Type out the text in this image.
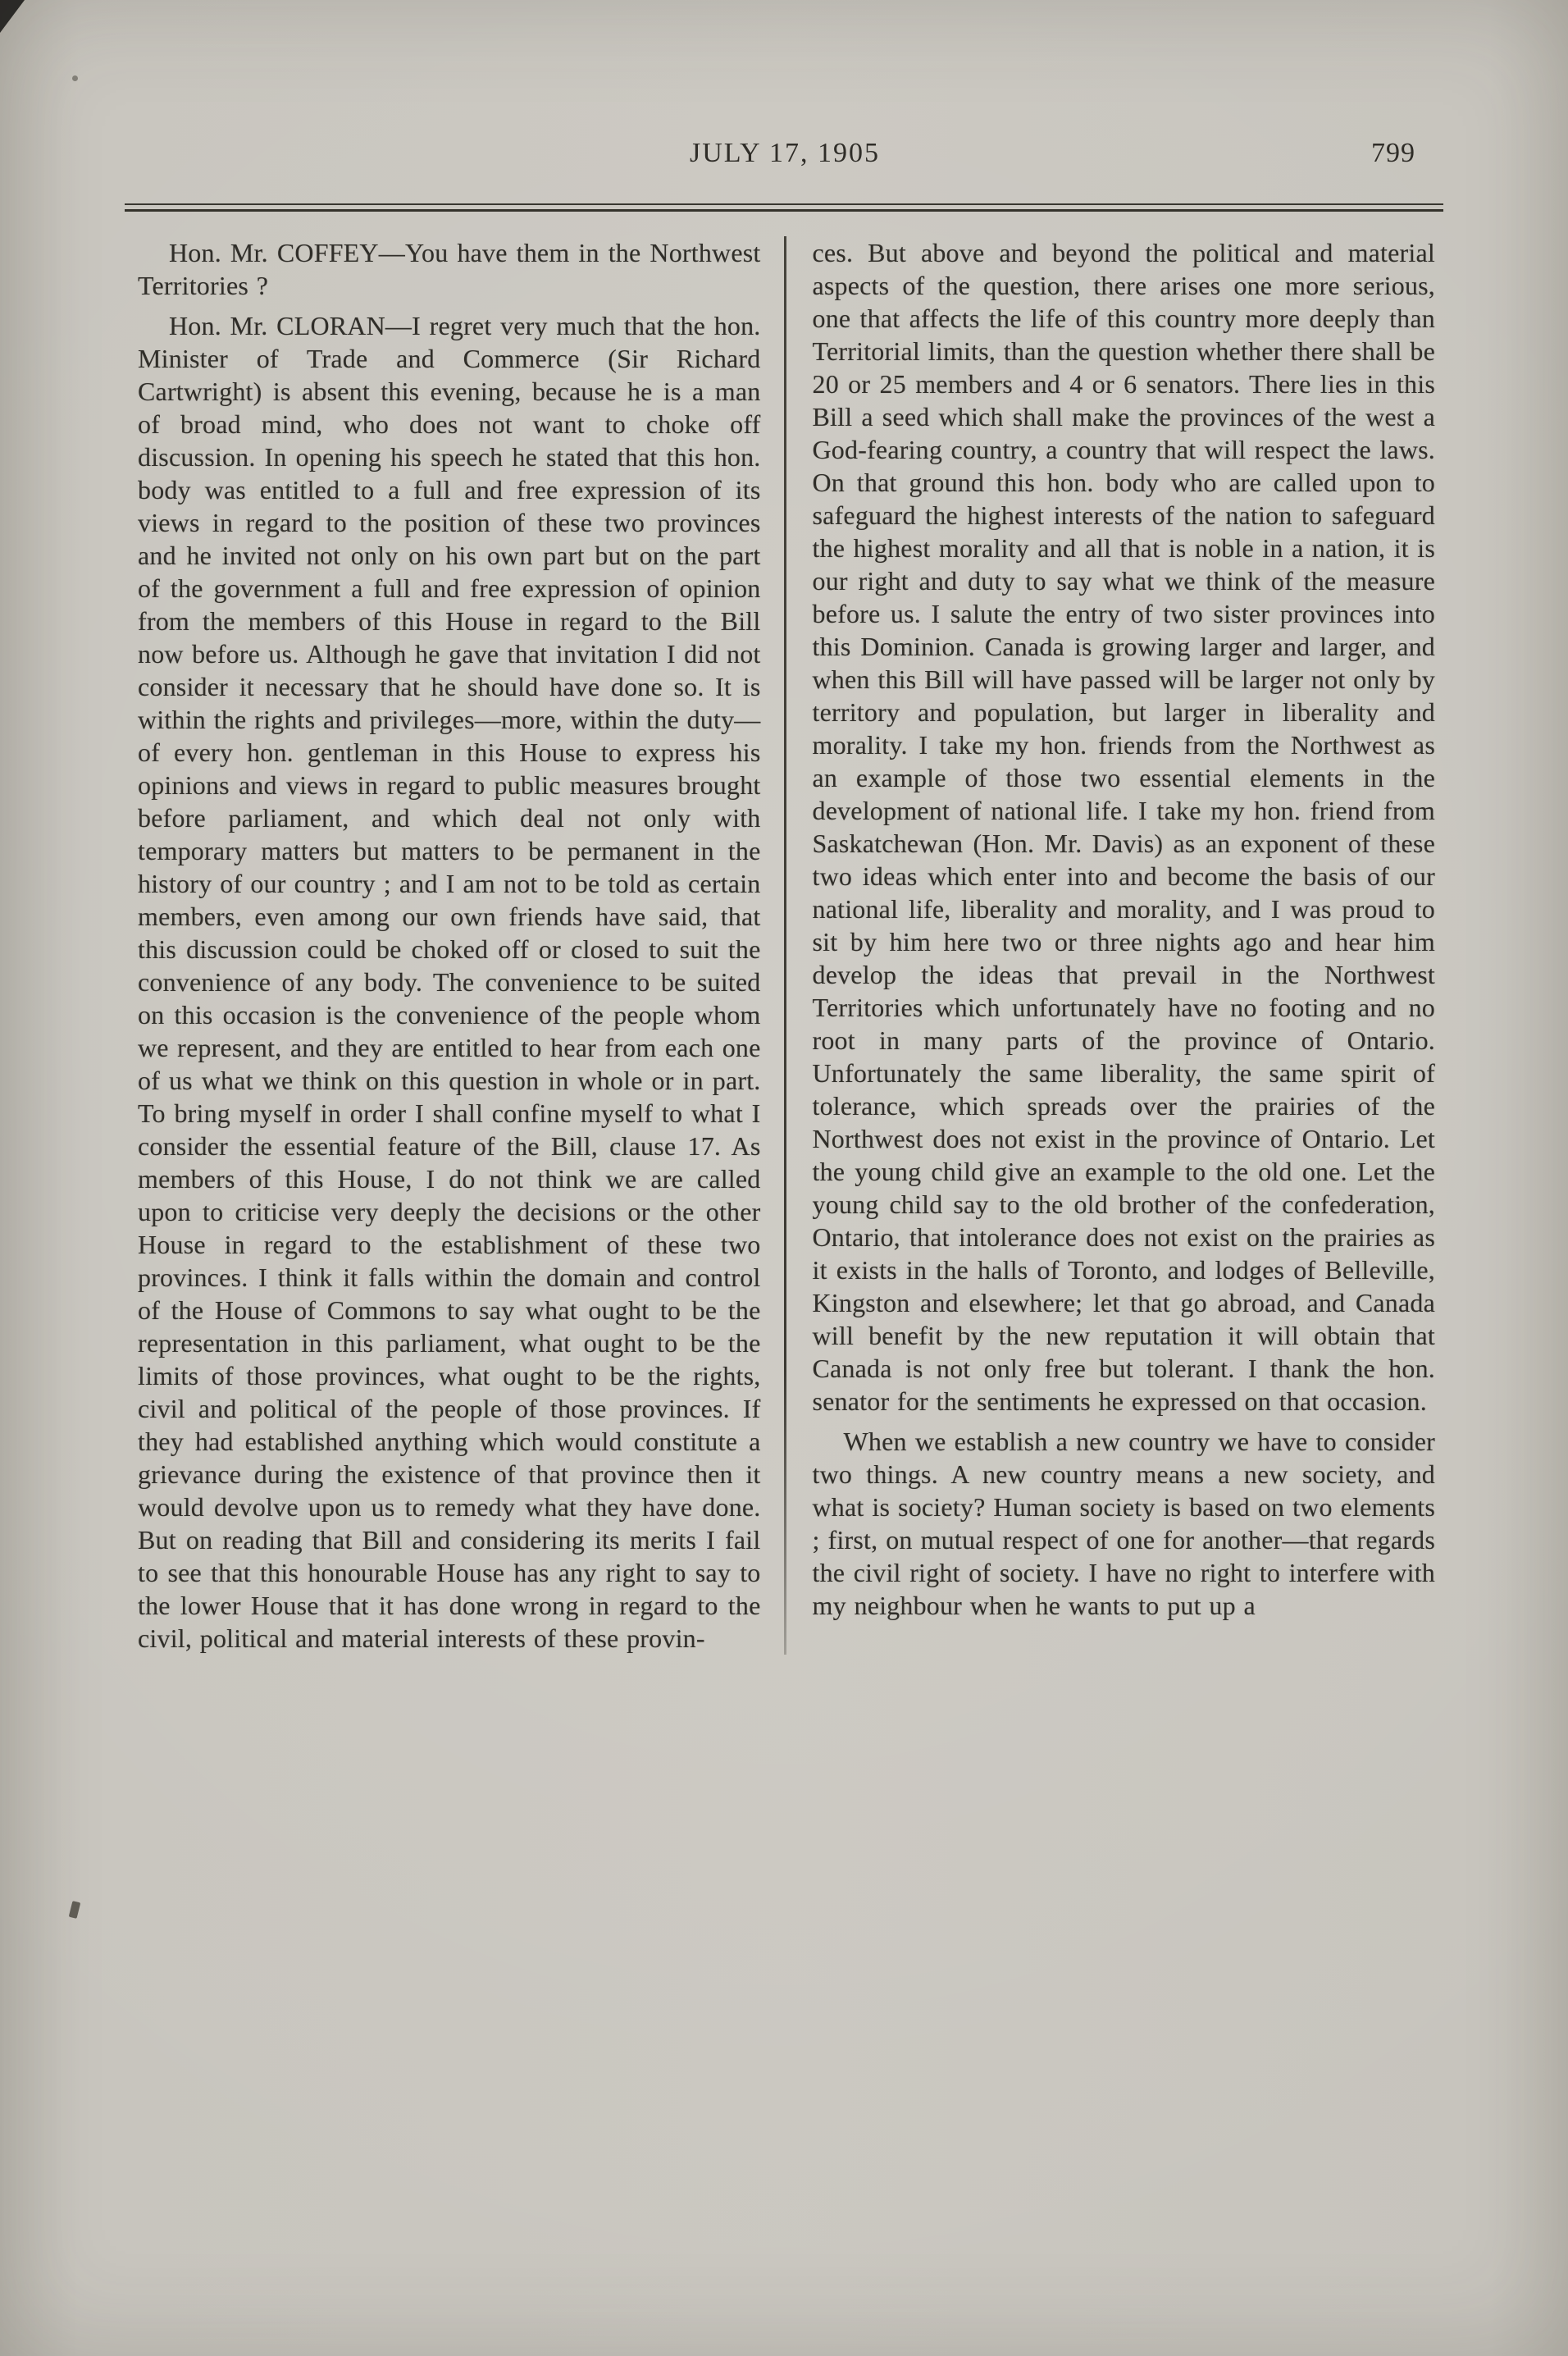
JULY 17, 1905	799

Hon. Mr. COFFEY—You have them in the Northwest Territories ?

Hon. Mr. CLORAN—I regret very much that the hon. Minister of Trade and Commerce (Sir Richard Cartwright) is absent this evening, because he is a man of broad mind, who does not want to choke off discussion. In opening his speech he stated that this hon. body was entitled to a full and free expression of its views in regard to the position of these two provinces and he invited not only on his own part but on the part of the government a full and free expression of opinion from the members of this House in regard to the Bill now before us. Although he gave that invitation I did not consider it necessary that he should have done so. It is within the rights and privileges—more, within the duty—of every hon. gentleman in this House to express his opinions and views in regard to public measures brought before parliament, and which deal not only with temporary matters but matters to be permanent in the history of our country ; and I am not to be told as certain members, even among our own friends have said, that this discussion could be choked off or closed to suit the convenience of any body. The convenience to be suited on this occasion is the convenience of the people whom we represent, and they are entitled to hear from each one of us what we think on this question in whole or in part. To bring myself in order I shall confine myself to what I consider the essential feature of the Bill, clause 17. As members of this House, I do not think we are called upon to criticise very deeply the decisions or the other House in regard to the establishment of these two provinces. I think it falls within the domain and control of the House of Commons to say what ought to be the representation in this parliament, what ought to be the limits of those provinces, what ought to be the rights, civil and political of the people of those provinces. If they had established anything which would constitute a grievance during the existence of that province then it would devolve upon us to remedy what they have done. But on reading that Bill and considering its merits I fail to see that this honourable House has any right to say to the lower House that it has done wrong in regard to the civil, political and material interests of these provin-

ces. But above and beyond the political and material aspects of the question, there arises one more serious, one that affects the life of this country more deeply than Territorial limits, than the question whether there shall be 20 or 25 members and 4 or 6 senators. There lies in this Bill a seed which shall make the provinces of the west a God-fearing country, a country that will respect the laws. On that ground this hon. body who are called upon to safeguard the highest interests of the nation to safeguard the highest morality and all that is noble in a nation, it is our right and duty to say what we think of the measure before us. I salute the entry of two sister provinces into this Dominion. Canada is growing larger and larger, and when this Bill will have passed will be larger not only by territory and population, but larger in liberality and morality. I take my hon. friends from the Northwest as an example of those two essential elements in the development of national life. I take my hon. friend from Saskatchewan (Hon. Mr. Davis) as an exponent of these two ideas which enter into and become the basis of our national life, liberality and morality, and I was proud to sit by him here two or three nights ago and hear him develop the ideas that prevail in the Northwest Territories which unfortunately have no footing and no root in many parts of the province of Ontario. Unfortunately the same liberality, the same spirit of tolerance, which spreads over the prairies of the Northwest does not exist in the province of Ontario. Let the young child give an example to the old one. Let the young child say to the old brother of the confederation, Ontario, that intolerance does not exist on the prairies as it exists in the halls of Toronto, and lodges of Belleville, Kingston and elsewhere; let that go abroad, and Canada will benefit by the new reputation it will obtain that Canada is not only free but tolerant. I thank the hon. senator for the sentiments he expressed on that occasion.

When we establish a new country we have to consider two things. A new country means a new society, and what is society? Human society is based on two elements ; first, on mutual respect of one for another—that regards the civil right of society. I have no right to interfere with my neighbour when he wants to put up a
